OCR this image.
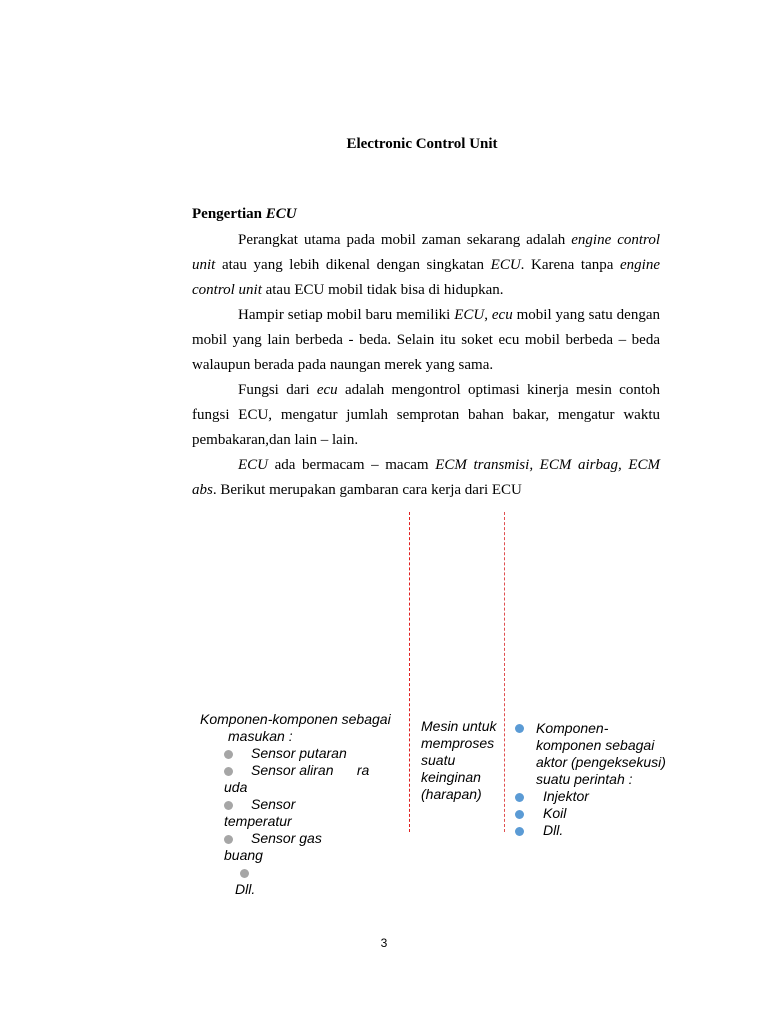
Electronic Control Unit
Pengertian ECU

Perangkat utama pada mobil zaman sekarang adalah engine control unit atau yang lebih dikenal dengan singkatan ECU. Karena tanpa engine control unit atau ECU mobil tidak bisa di hidupkan.

Hampir setiap mobil baru memiliki ECU, ecu mobil yang satu dengan mobil yang lain berbeda - beda. Selain itu soket ecu mobil berbeda – beda walaupun berada pada naungan merek yang sama.

Fungsi dari ecu adalah mengontrol optimasi kinerja mesin contoh fungsi ECU, mengatur jumlah semprotan bahan bakar, mengatur waktu pembakaran,dan lain – lain.

ECU ada bermacam – macam ECM transmisi, ECM airbag, ECM abs. Berikut merupakan gambaran cara kerja dari ECU

Komponen-komponen sebagai
masukan :
Sensor putaran
Sensor aliran      ra
uda
Sensor
temperatur
Sensor gas
buang
Dll.
Mesin untuk
memproses
suatu
keinginan
(harapan)
Komponen-
komponen sebagai
aktor (pengeksekusi)
suatu perintah :
Injektor
Koil
Dll.
3
